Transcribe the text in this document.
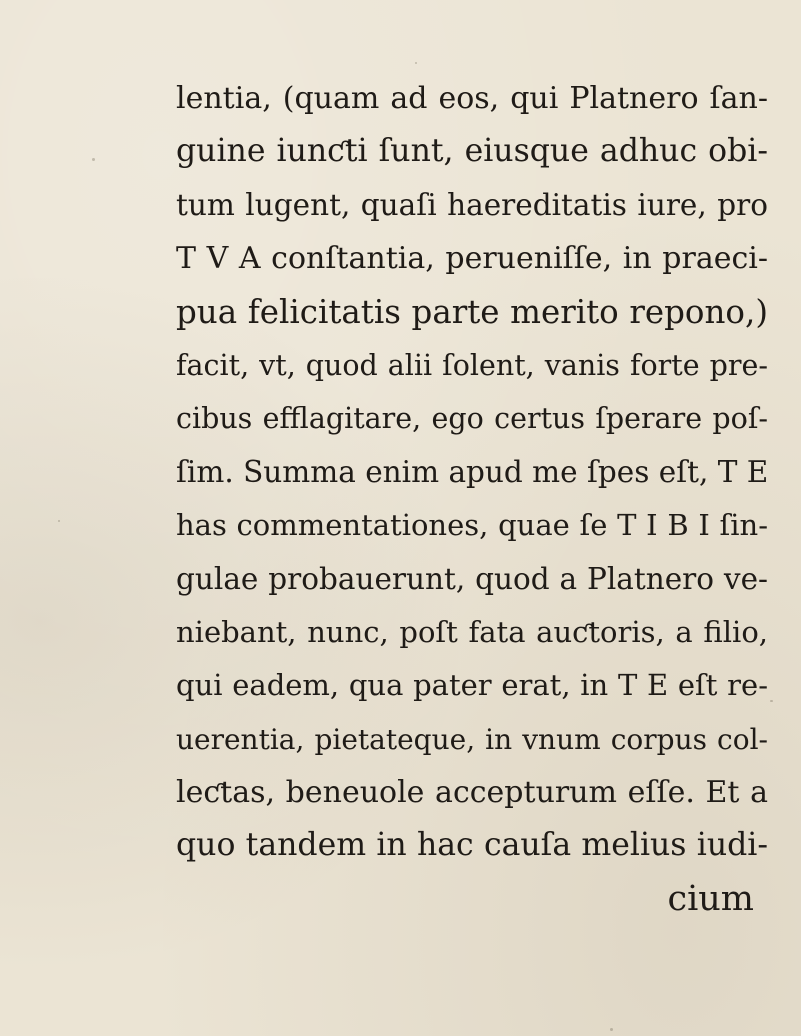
lentia, (quam ad eos, qui Platnero ſan-
guine iunƈti ſunt, eiusque adhuc obi-
tum lugent, quaſi haereditatis iure, pro
T V A conſtantia, perueniſſe, in praeci-
pua felicitatis parte merito repono,)
facit, vt, quod alii ſolent, vanis forte pre-
cibus efflagitare, ego certus ſperare poſ-
ſim. Summa enim apud me ſpes eſt, T E
has commentationes, quae ſe T I B I ſin-
gulae probauerunt, quod a Platnero ve-
niebant, nunc, poſt fata auƈtoris, a filio,
qui eadem, qua pater erat, in T E eſt re-
uerentia, pietateque, in vnum corpus col-
leƈtas, beneuole accepturum eſſe. Et a
quo tandem in hac cauſa melius iudi-
cium
